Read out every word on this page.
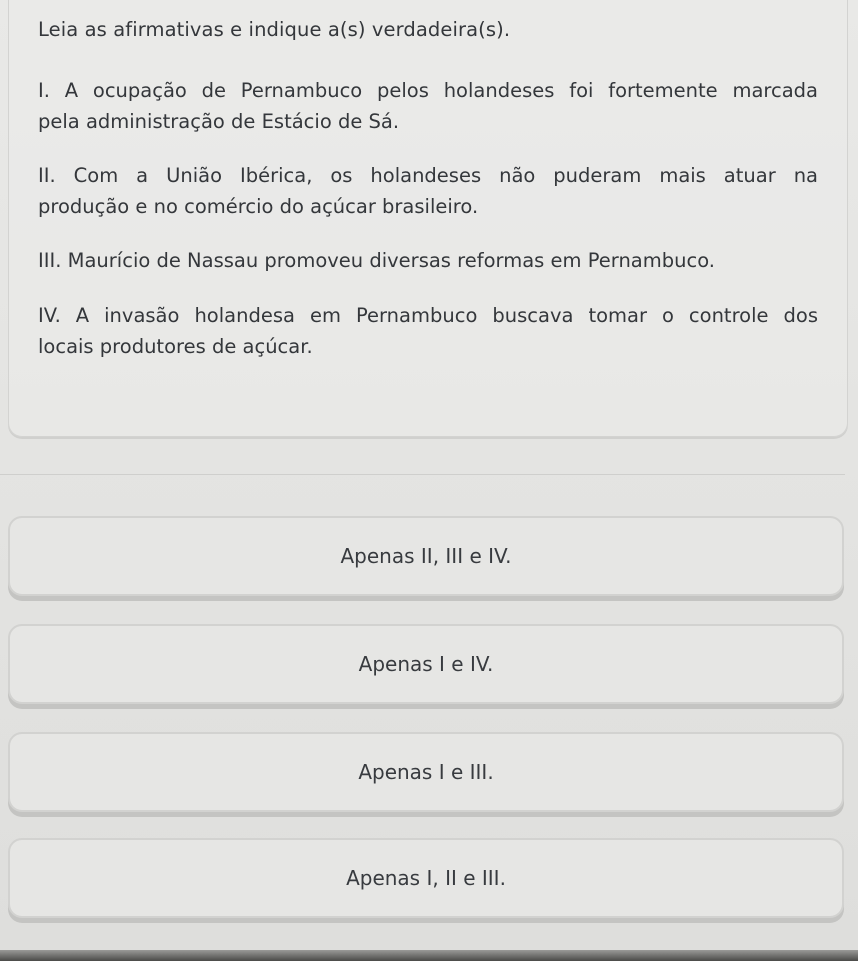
Leia as afirmativas e indique a(s) verdadeira(s).
I. A ocupação de Pernambuco pelos holandeses foi fortemente marcada
pela administração de Estácio de Sá.
II. Com a União Ibérica, os holandeses não puderam mais atuar na
produção e no comércio do açúcar brasileiro.
III. Maurício de Nassau promoveu diversas reformas em Pernambuco.
IV. A invasão holandesa em Pernambuco buscava tomar o controle dos
locais produtores de açúcar.
Apenas II, III e IV.
Apenas I e IV.
Apenas I e III.
Apenas I, II e III.
